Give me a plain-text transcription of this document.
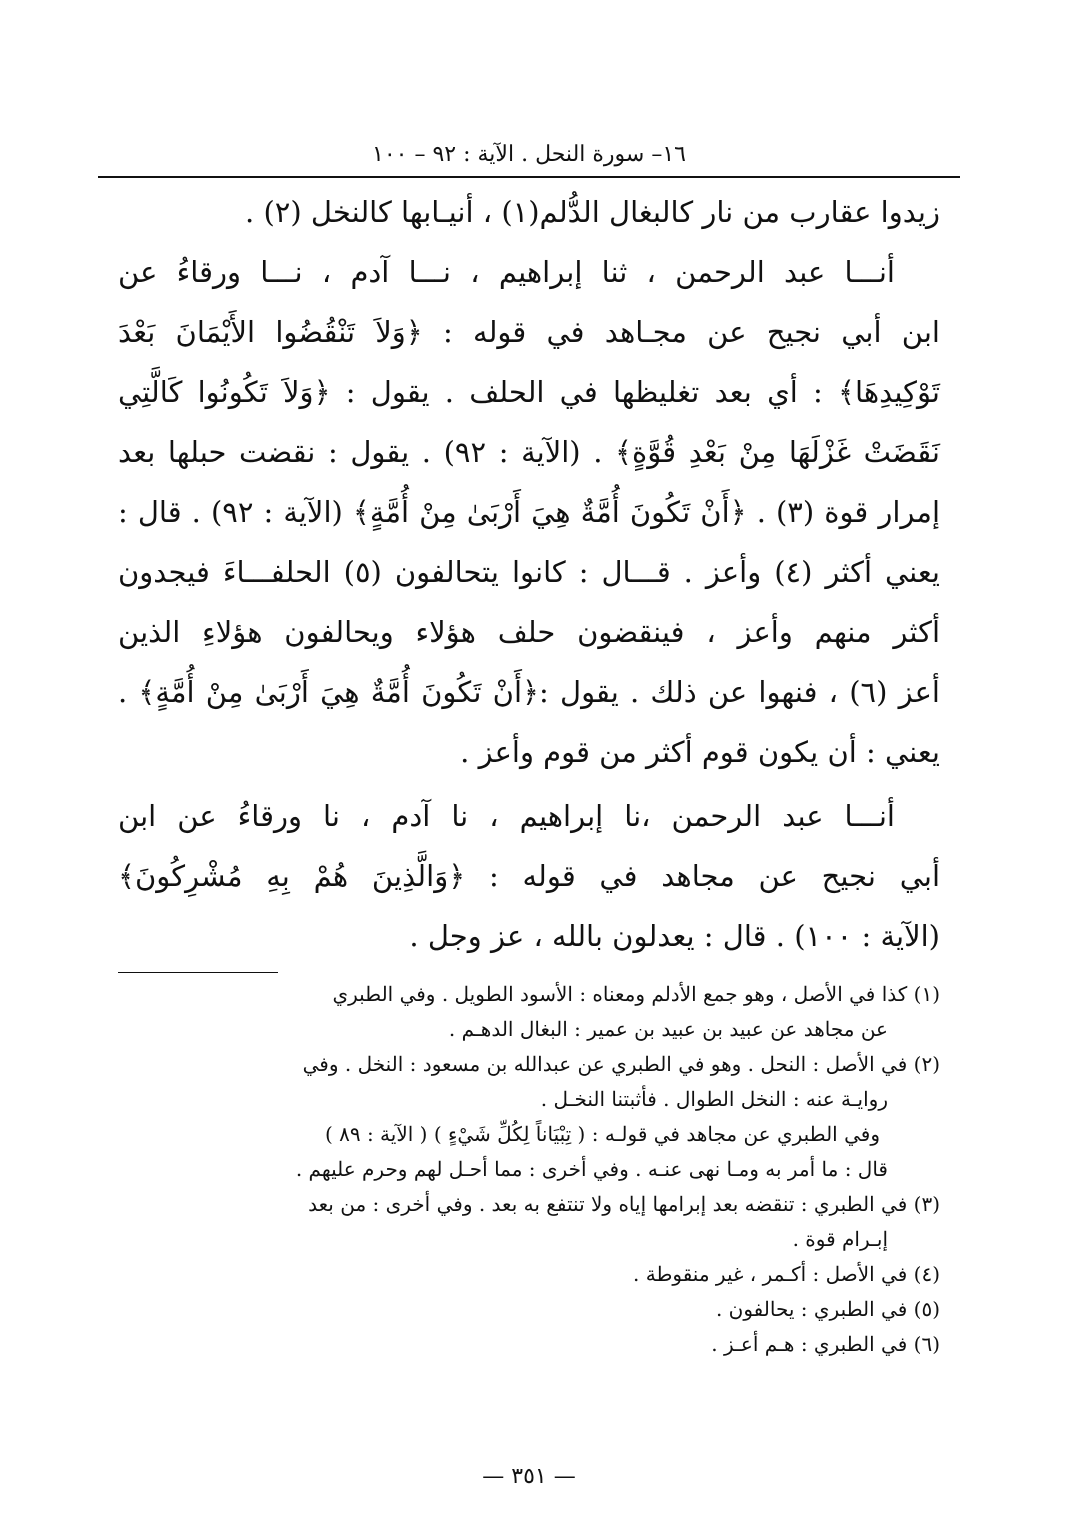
١٦– سورة النحل . الآية : ٩٢ – ١٠٠
زيدوا عقارب من نار كالبغال الدُّلم(١) ، أنيـابها كالنخل (٢) .
أنـــا عبد الرحمن ، ثنا إبراهيم ، نـــا آدم ، نـــا ورقاءُ عن
ابن أبي نجيح عن مجـاهد في قوله : ﴿وَلاَ تَنْقُضُوا الأَيْمَانَ بَعْدَ
تَوْكِيدِهَا﴾ : أي بعد تغليظها في الحلف . يقول : ﴿وَلاَ تَكُونُوا كَالَّتِي
نَقَضَتْ غَزْلَهَا مِنْ بَعْدِ قُوَّةٍ﴾ . (الآية : ٩٢) . يقول : نقضت حبلها بعد
إمرار قوة (٣) . ﴿أَنْ تَكُونَ أُمَّةٌ هِيَ أَرْبَىٰ مِنْ أُمَّةٍ﴾ (الآية : ٩٢) . قال :
يعني أكثر (٤) وأعز . قـــال : كانوا يتحالفون (٥) الحلفـــاءَ فيجدون
أكثر منهم وأعز ، فينقضون حلف هؤلاء ويحالفون هؤلاءِ الذين
أعز (٦) ، فنهوا عن ذلك . يقول :﴿أَنْ تَكُونَ أُمَّةٌ هِيَ أَرْبَىٰ مِنْ أُمَّةٍ﴾ .
يعني : أن يكون قوم أكثر من قوم وأعز .
أنـــا عبد الرحمن ،نا إبراهيم ، نا آدم ، نا ورقاءُ عن ابن
أبي نجيح عن مجاهد في قوله : ﴿وَالَّذِينَ هُمْ بِهِ مُشْرِكُونَ﴾
(الآية : ١٠٠) . قال : يعدلون بالله ، عز وجل .
(١) كذا في الأصل ، وهو جمع الأدلم ومعناه : الأسود الطويل . وفي الطبري
عن مجاهد عن عبيد بن عبيد بن عمير : البغال الدهـم .
(٢) في الأصل : النحل . وهو في الطبري عن عبدالله بن مسعود : النخل . وفي
روايـة عنه : النخل الطوال . فأثبتنا النخـل .
وفي الطبري عن مجاهد في قولـه : ( تِبْيَاناً لِكُلِّ شَيْءٍ ) ( الآية : ٨٩ )
قال : ما أمر به ومـا نهى عنـه . وفي أخرى : مما أحـل لهم وحرم عليهم .
(٣) في الطبري : تنقضه بعد إبرامها إياه ولا تنتفع به بعد . وفي أخرى : من بعد
إبـرام قوة .
(٤) في الأصل : أكـمر ، غير منقوطة .
(٥) في الطبري : يحالفون .
(٦) في الطبري : هـم أعـز .
— ٣٥١ —
